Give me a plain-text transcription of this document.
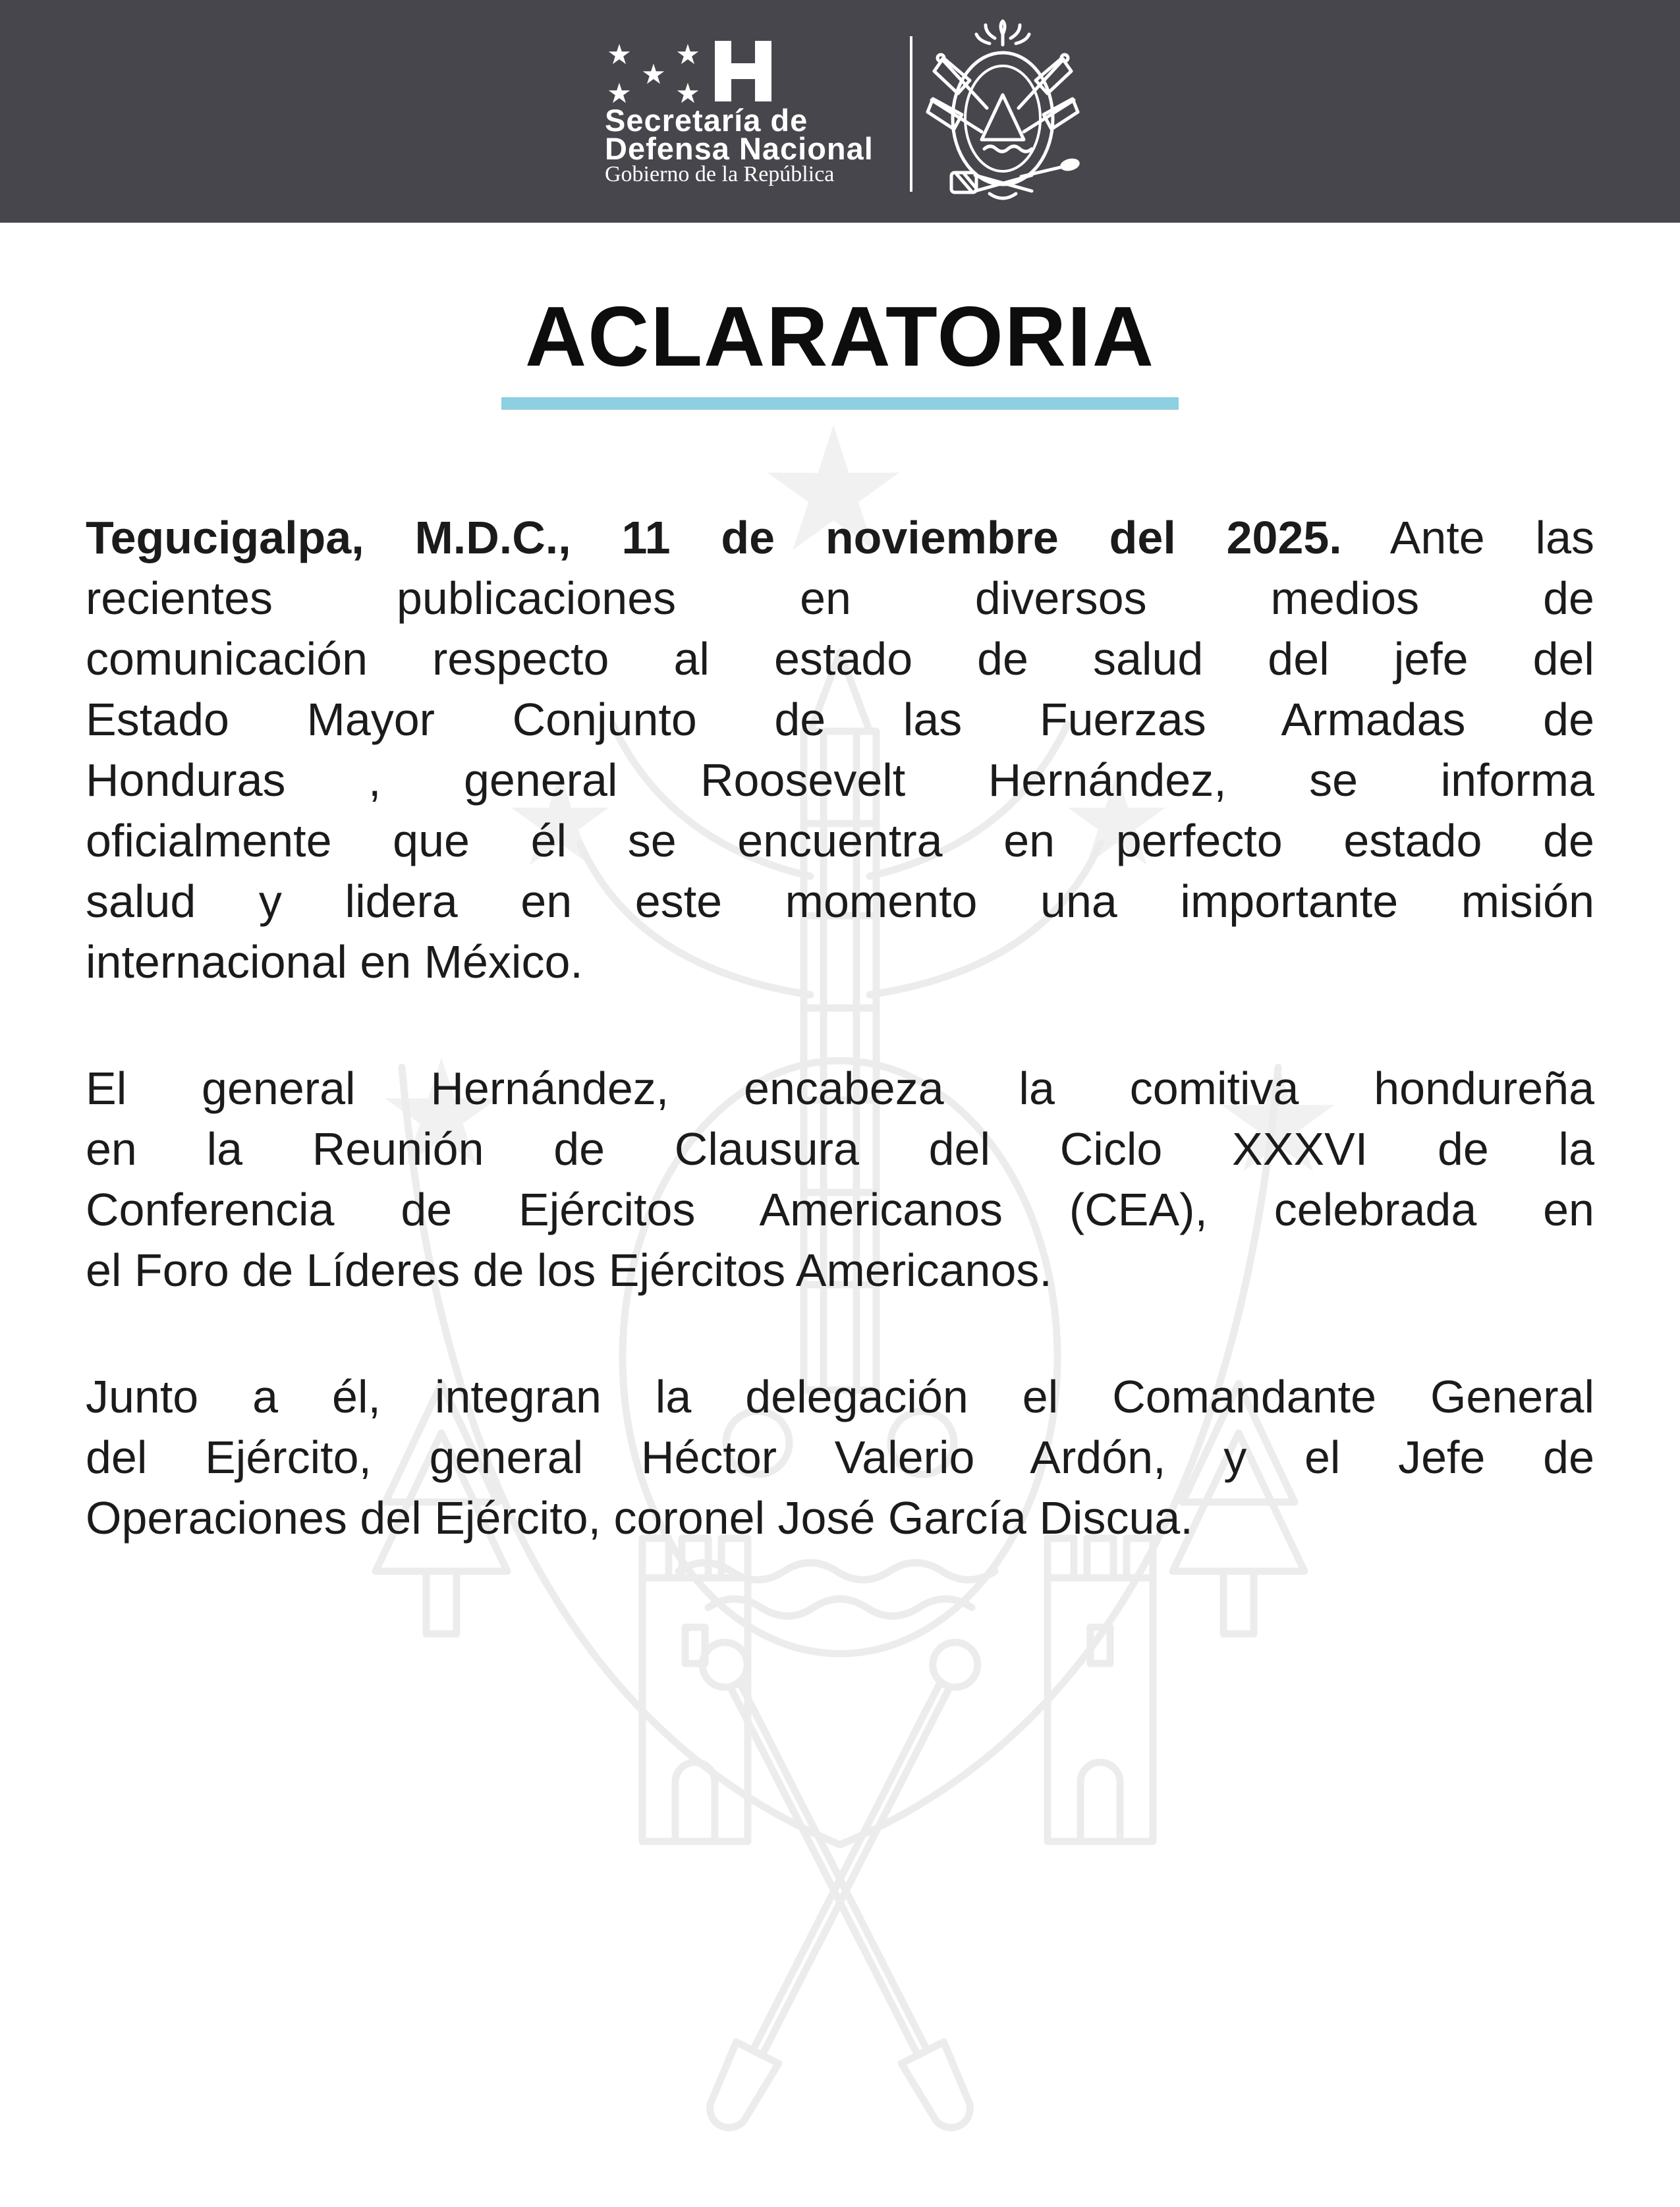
★ ★
★
★ ★
Secretaría de
Defensa Nacional
Gobierno de la República
ACLARATORIA
Tegucigalpa, M.D.C., 11 de noviembre del 2025. Ante las
recientes publicaciones en diversos medios de
comunicación respecto al estado de salud del jefe del
Estado Mayor Conjunto de las Fuerzas Armadas de
Honduras , general Roosevelt Hernández, se informa
oficialmente que él se encuentra en perfecto estado de
salud y lidera en este momento una importante misión
internacional en México.
El general Hernández, encabeza la comitiva hondureña
en la Reunión de Clausura del Ciclo XXXVI de la
Conferencia de Ejércitos Americanos (CEA), celebrada en
el Foro de Líderes de los Ejércitos Americanos.
Junto a él, integran la delegación el Comandante General
del Ejército, general Héctor Valerio Ardón, y el Jefe de
Operaciones del Ejército, coronel José García Discua.
